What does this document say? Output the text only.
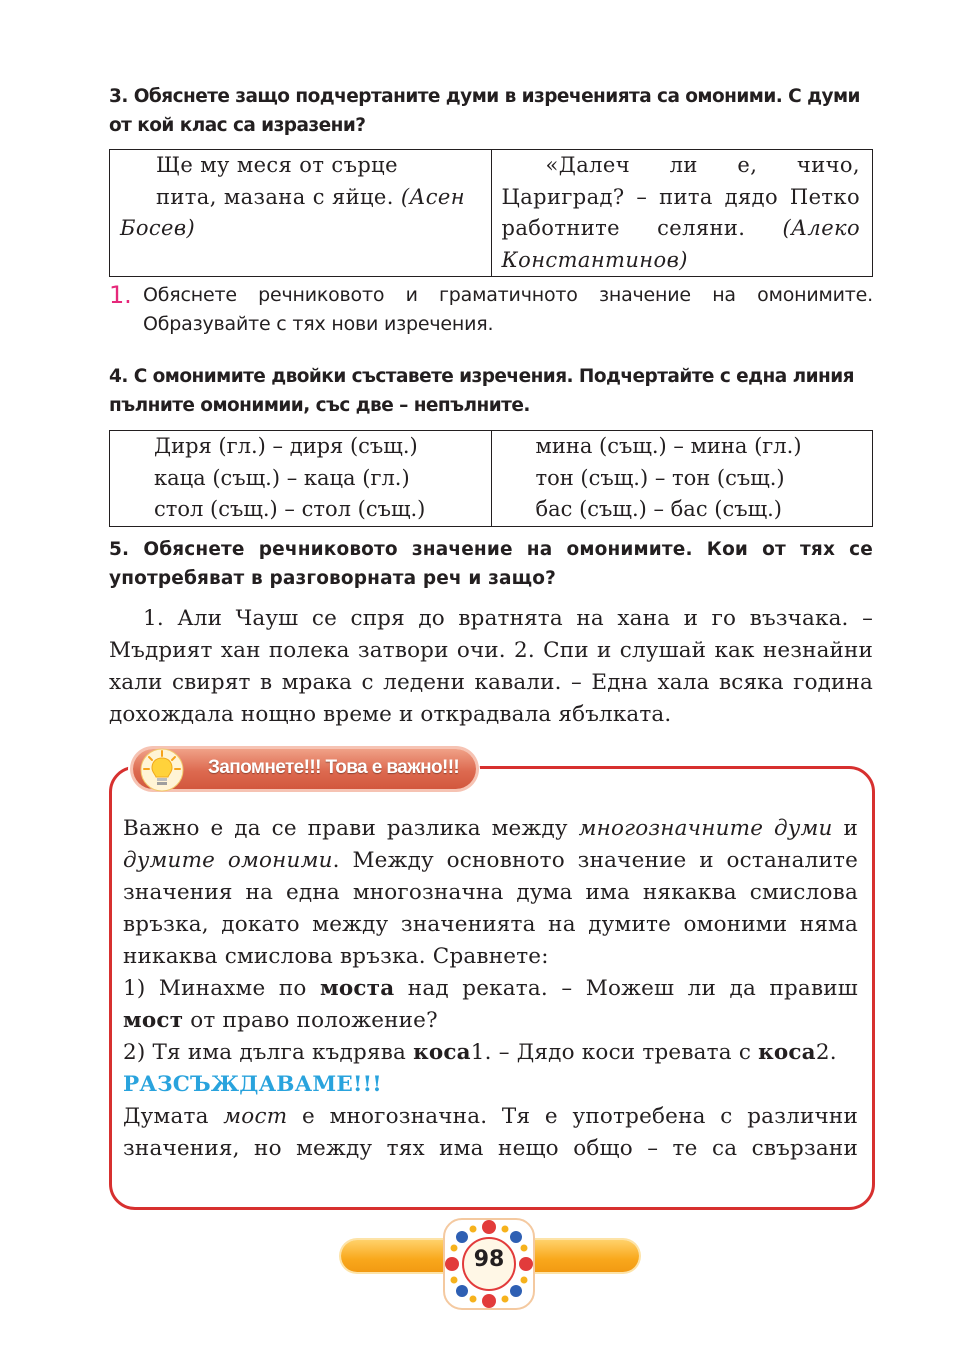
3. Обяснете защо подчертаните думи в изреченията са омоними. С думи от кой клас са изразени?

Ще му меся от сърце
пита, мазана с яйце. (Асен
Босев)

«Далеч ли е, чичо, Цариград? – пита дядо Петко работните селяни. (Алеко Константинов)
1. Обяснете речниковото и граматичното значение на омонимите. Образувайте с тях нови изречения.

4. С омонимите двойки съставете изречения. Подчертайте с една линия пълните омонимии, със две – непълните.

Диря (гл.) – диря (същ.)
каца (същ.) – каца (гл.)
стол (същ.) – стол (същ.)

мина (същ.) – мина (гл.)
тон (същ.) – тон (същ.)
бас (същ.) – бас (същ.)

5. Обяснете речниковото значение на омонимите. Кои от тях се употребяват в разговорната реч и защо?

1. Али Чауш се спря до вратнята на хана и го възчака. – Мъдрият хан полека затвори очи. 2. Спи и слушай как незнайни хали свирят в мрака с ледени кавали. – Една хала всяка година дохождала нощно време и открадвала ябълката.
Запомнете!!! Това е важно!!!

Важно е да се прави разлика между многозначните думи и думите омоними. Между основното значение и останалите значения на една многозначна дума има някаква смислова връзка, докато между значенията на думите омоними няма никаква смислова връзка. Сравнете:

1) Минахме по моста над реката. – Можеш ли да правиш мост от право положение?

2) Тя има дълга къдрява коса1. – Дядо коси тревата с коса2.

РАЗСЪЖДАВАМЕ!!!

Думата мост е многозначна. Тя е употребена с различни значения, но между тях има нещо общо – те са свързани

98
